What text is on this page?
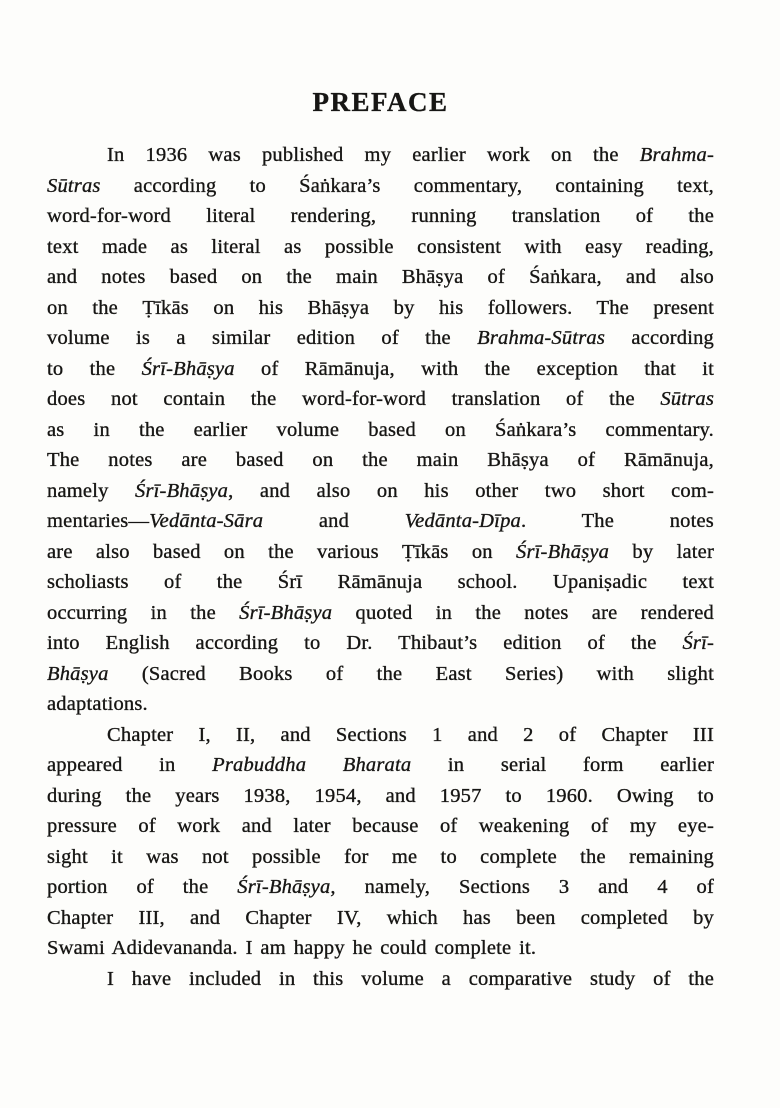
PREFACE
In 1936 was published my earlier work on the Brahma-
Sūtras according to Śaṅkara’s commentary, containing text,
word-for-word literal rendering, running translation of the
text made as literal as possible consistent with easy reading,
and notes based on the main Bhāṣya of Śaṅkara, and also
on the Ṭīkās on his Bhāṣya by his followers. The present
volume is a similar edition of the Brahma-Sūtras according
to the Śrī-Bhāṣya of Rāmānuja, with the exception that it
does not contain the word-for-word translation of the Sūtras
as in the earlier volume based on Śaṅkara’s commentary.
The notes are based on the main Bhāṣya of Rāmānuja,
namely Śrī-Bhāṣya, and also on his other two short com-
mentaries—Vedānta-Sāra and Vedānta-Dīpa. The notes
are also based on the various Ṭīkās on Śrī-Bhāṣya by later
scholiasts of the Śrī Rāmānuja school. Upaniṣadic text
occurring in the Śrī-Bhāṣya quoted in the notes are rendered
into English according to Dr. Thibaut’s edition of the Śrī-
Bhāṣya (Sacred Books of the East Series) with slight
adaptations.
Chapter I, II, and Sections 1 and 2 of Chapter III
appeared in Prabuddha Bharata in serial form earlier
during the years 1938, 1954, and 1957 to 1960. Owing to
pressure of work and later because of weakening of my eye-
sight it was not possible for me to complete the remaining
portion of the Śrī-Bhāṣya, namely, Sections 3 and 4 of
Chapter III, and Chapter IV, which has been completed by
Swami Adidevananda. I am happy he could complete it.
I have included in this volume a comparative study of the
